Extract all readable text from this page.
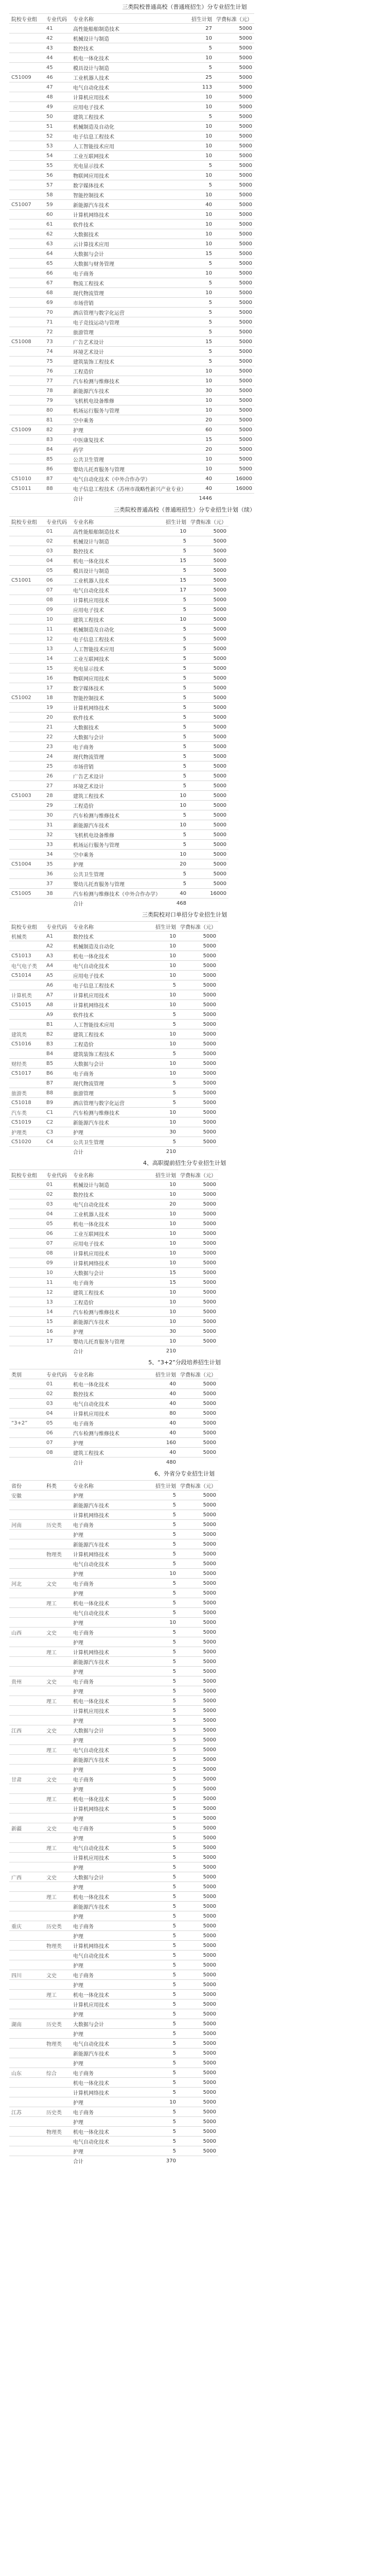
三类院校普通高校（普通班招生）分专业招生计划
院校专业组	专业代码	专业名称	招生计划	学费标准（元）
	41	高性能船舶制造技术	27	5000
	42	机械设计与制造	10	5000
	43	数控技术	5	5000
	44	机电一体化技术	10	5000
	45	模具设计与制造	5	5000
C51009	46	工业机器人技术	25	5000
	47	电气自动化技术	113	5000
	48	计算机应用技术	10	5000
	49	应用电子技术	10	5000
	50	建筑工程技术	5	5000
	51	机械制造及自动化	10	5000
	52	电子信息工程技术	10	5000
	53	人工智能技术应用	10	5000
	54	工业互联网技术	10	5000
	55	光电显示技术	5	5000
	56	物联网应用技术	10	5000
	57	数字媒体技术	5	5000
	58	智能控制技术	10	5000
C51007	59	新能源汽车技术	40	5000
	60	计算机网络技术	10	5000
	61	软件技术	10	5000
	62	大数据技术	10	5000
	63	云计算技术应用	10	5000
	64	大数据与会计	15	5000
	65	大数据与财务管理	5	5000
	66	电子商务	10	5000
	67	物流工程技术	5	5000
	68	现代物流管理	10	5000
	69	市场营销	5	5000
	70	酒店管理与数字化运营	5	5000
	71	电子竞技运动与管理	5	5000
	72	旅游管理	5	5000
C51008	73	广告艺术设计	15	5000
	74	环境艺术设计	5	5000
	75	建筑装饰工程技术	5	5000
	76	工程造价	10	5000
	77	汽车检测与维修技术	10	5000
	78	新能源汽车技术	30	5000
	79	飞机机电设备维修	10	5000
	80	机场运行服务与管理	10	5000
	81	空中乘务	20	5000
C51009	82	护理	60	5000
	83	中医康复技术	15	5000
	84	药学	20	5000
	85	公共卫生管理	10	5000
	86	婴幼儿托育服务与管理	10	5000
C51010	87	电气自动化技术（中外合作办学）	40	16000
C51011	88	电子信息工程技术（苏州市战略性新兴产业专业）	40	16000
		合计	1446	
三类院校普通高校（普通班招生）分专业招生计划（续）
院校专业组	专业代码	专业名称	招生计划	学费标准（元）
	01	高性能船舶制造技术	10	5000
	02	机械设计与制造	5	5000
	03	数控技术	5	5000
	04	机电一体化技术	15	5000
	05	模具设计与制造	5	5000
C51001	06	工业机器人技术	15	5000
	07	电气自动化技术	17	5000
	08	计算机应用技术	5	5000
	09	应用电子技术	5	5000
	10	建筑工程技术	10	5000
	11	机械制造及自动化	5	5000
	12	电子信息工程技术	5	5000
	13	人工智能技术应用	5	5000
	14	工业互联网技术	5	5000
	15	光电显示技术	5	5000
	16	物联网应用技术	5	5000
	17	数字媒体技术	5	5000
C51002	18	智能控制技术	5	5000
	19	计算机网络技术	5	5000
	20	软件技术	5	5000
	21	大数据技术	5	5000
	22	大数据与会计	5	5000
	23	电子商务	5	5000
	24	现代物流管理	5	5000
	25	市场营销	5	5000
	26	广告艺术设计	5	5000
	27	环境艺术设计	5	5000
C51003	28	建筑工程技术	10	5000
	29	工程造价	10	5000
	30	汽车检测与维修技术	5	5000
	31	新能源汽车技术	10	5000
	32	飞机机电设备维修	5	5000
	33	机场运行服务与管理	5	5000
	34	空中乘务	10	5000
C51004	35	护理	20	5000
	36	公共卫生管理	5	5000
	37	婴幼儿托育服务与管理	5	5000
C51005	38	汽车检测与维修技术（中外合作办学）	40	16000
		合计	468	
三类院校对口单招分专业招生计划
院校专业组	专业代码	专业名称	招生计划	学费标准（元）
机械类	A1	数控技术	10	5000
	A2	机械制造及自动化	10	5000
C51013	A3	机电一体化技术	10	5000
电气电子类	A4	电气自动化技术	10	5000
C51014	A5	应用电子技术	10	5000
	A6	电子信息工程技术	5	5000
计算机类	A7	计算机应用技术	10	5000
C51015	A8	计算机网络技术	10	5000
	A9	软件技术	5	5000
	B1	人工智能技术应用	5	5000
建筑类	B2	建筑工程技术	10	5000
C51016	B3	工程造价	10	5000
	B4	建筑装饰工程技术	5	5000
财经类	B5	大数据与会计	10	5000
C51017	B6	电子商务	10	5000
	B7	现代物流管理	5	5000
旅游类	B8	旅游管理	5	5000
C51018	B9	酒店管理与数字化运营	5	5000
汽车类	C1	汽车检测与维修技术	10	5000
C51019	C2	新能源汽车技术	10	5000
护理类	C3	护理	30	5000
C51020	C4	公共卫生管理	5	5000
		合计	210	
4、高职提前招生分专业招生计划
院校专业组	专业代码	专业名称	招生计划	学费标准（元）
	01	机械设计与制造	10	5000
	02	数控技术	10	5000
	03	电气自动化技术	20	5000
	04	工业机器人技术	10	5000
	05	机电一体化技术	10	5000
	06	工业互联网技术	10	5000
	07	应用电子技术	10	5000
	08	计算机应用技术	10	5000
	09	计算机网络技术	10	5000
	10	大数据与会计	15	5000
	11	电子商务	15	5000
	12	建筑工程技术	10	5000
	13	工程造价	10	5000
	14	汽车检测与维修技术	10	5000
	15	新能源汽车技术	10	5000
	16	护理	30	5000
	17	婴幼儿托育服务与管理	10	5000
		合计	210	
5、“3+2”分段培养招生计划
类别	专业代码	专业名称	招生计划	学费标准（元）
	01	机电一体化技术	40	5000
	02	数控技术	40	5000
	03	电气自动化技术	40	5000
	04	计算机应用技术	80	5000
“3+2”	05	电子商务	40	5000
	06	汽车检测与维修技术	40	5000
	07	护理	160	5000
	08	建筑工程技术	40	5000
		合计	480	
6、外省分专业招生计划
省份	科类	专业名称	招生计划	学费标准（元）
安徽		护理	5	5000
		新能源汽车技术	5	5000
		计算机网络技术	5	5000
河南	历史类	电子商务	5	5000
		护理	5	5000
		新能源汽车技术	5	5000
	物理类	计算机网络技术	5	5000
		电气自动化技术	5	5000
		护理	10	5000
河北	文史	电子商务	5	5000
		护理	5	5000
	理工	机电一体化技术	5	5000
		电气自动化技术	5	5000
		护理	10	5000
山西	文史	电子商务	5	5000
		护理	5	5000
	理工	计算机网络技术	5	5000
		新能源汽车技术	5	5000
		护理	5	5000
贵州	文史	电子商务	5	5000
		护理	5	5000
	理工	机电一体化技术	5	5000
		计算机应用技术	5	5000
		护理	5	5000
江西	文史	大数据与会计	5	5000
		护理	5	5000
	理工	电气自动化技术	5	5000
		新能源汽车技术	5	5000
		护理	5	5000
甘肃	文史	电子商务	5	5000
		护理	5	5000
	理工	机电一体化技术	5	5000
		计算机网络技术	5	5000
		护理	5	5000
新疆	文史	电子商务	5	5000
		护理	5	5000
	理工	电气自动化技术	5	5000
		计算机应用技术	5	5000
		护理	5	5000
广西	文史	大数据与会计	5	5000
		护理	5	5000
	理工	机电一体化技术	5	5000
		新能源汽车技术	5	5000
		护理	5	5000
重庆	历史类	电子商务	5	5000
		护理	5	5000
	物理类	计算机网络技术	5	5000
		电气自动化技术	5	5000
		护理	5	5000
四川	文史	电子商务	5	5000
		护理	5	5000
	理工	机电一体化技术	5	5000
		计算机应用技术	5	5000
		护理	5	5000
湖南	历史类	大数据与会计	5	5000
		护理	5	5000
	物理类	电气自动化技术	5	5000
		新能源汽车技术	5	5000
		护理	5	5000
山东	综合	电子商务	5	5000
		机电一体化技术	5	5000
		计算机网络技术	5	5000
		护理	10	5000
江苏	历史类	电子商务	5	5000
		护理	5	5000
	物理类	机电一体化技术	5	5000
		电气自动化技术	5	5000
		护理	5	5000
		合计	370	
